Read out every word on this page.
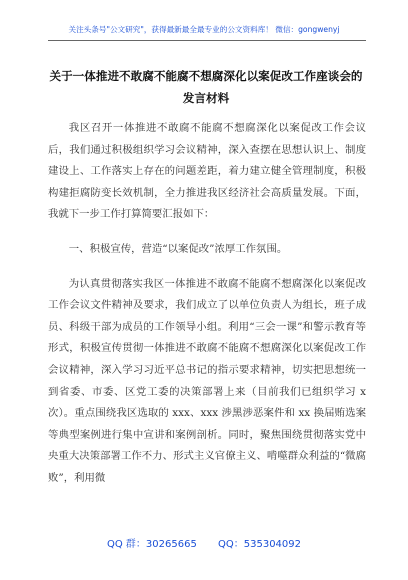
关注头条号"公文研究"，获得最新最全最专业的公文资料库！ 微信：gongwenyj
关于一体推进不敢腐不能腐不想腐深化以案促改工作座谈会的发言材料

我区召开一体推进不敢腐不能腐不想腐深化以案促改工作会议后，我们通过积极组织学习会议精神，深入查摆在思想认识上、制度建设上、工作落实上存在的问题差距，着力建立健全管理制度，积极构建拒腐防变长效机制，全力推进我区经济社会高质量发展。下面，我就下一步工作打算简要汇报如下：

一、积极宣传，营造“以案促改”浓厚工作氛围。

为认真贯彻落实我区一体推进不敢腐不能腐不想腐深化以案促改工作会议文件精神及要求，我们成立了以单位负责人为组长，班子成员、科级干部为成员的工作领导小组。利用“三会一课”和警示教育等形式，积极宣传贯彻一体推进不敢腐不能腐不想腐深化以案促改工作会议精神，深入学习习近平总书记的指示要求精神，切实把思想统一到省委、市委、区党工委的决策部署上来（目前我们已组织学习 x 次）。重点围绕我区选取的 xxx、xxx 涉黑涉恶案件和 xx 换届贿选案等典型案例进行集中宣讲和案例剖析。同时，聚焦围绕贯彻落实党中央重大决策部署工作不力、形式主义官僚主义、啃噬群众利益的“微腐败”，利用微

QQ 群：30265665 QQ：535304092
